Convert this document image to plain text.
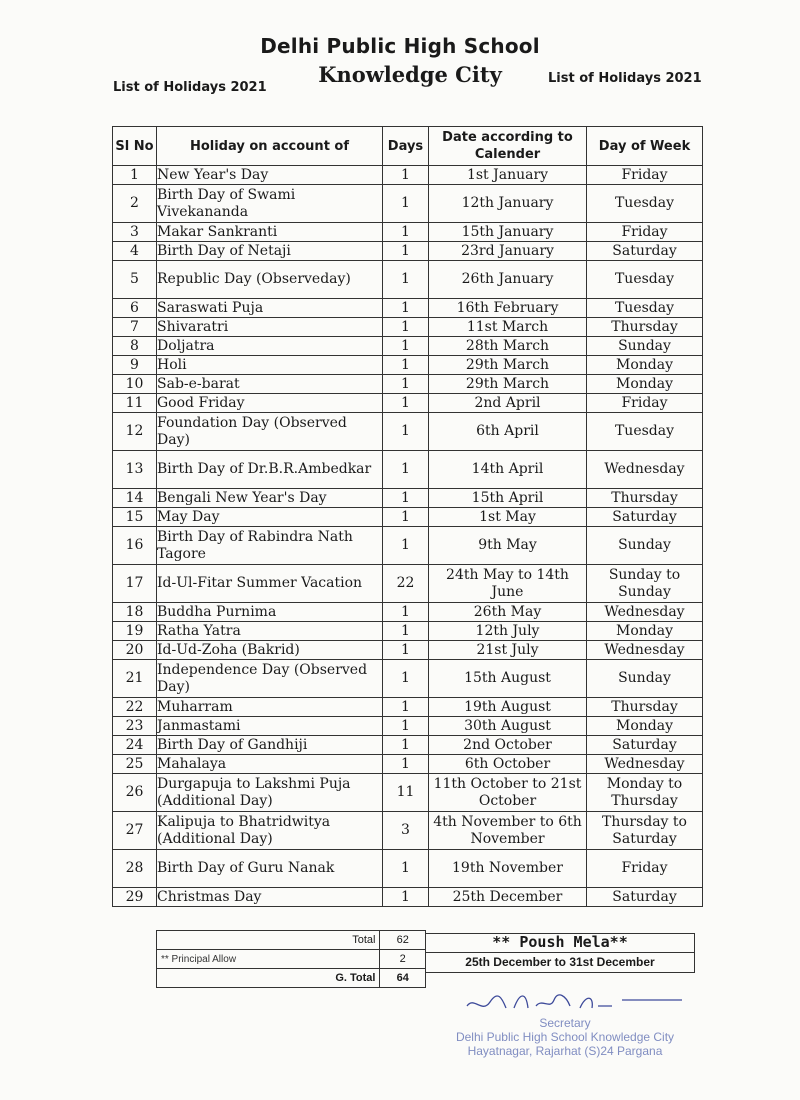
Delhi Public High School
Knowledge City
List of Holidays 2021
List of Holidays 2021
Sl No	Holiday on account of	Days	Date according to Calender	Day of Week
1	New Year's Day	1	1st January	Friday
2	Birth Day of Swami Vivekananda	1	12th January	Tuesday
3	Makar Sankranti	1	15th January	Friday
4	Birth Day of Netaji	1	23rd January	Saturday
5	Republic Day (Observeday)	1	26th January	Tuesday
6	Saraswati Puja	1	16th February	Tuesday
7	Shivaratri	1	11st March	Thursday
8	Doljatra	1	28th March	Sunday
9	Holi	1	29th March	Monday
10	Sab-e-barat	1	29th March	Monday
11	Good Friday	1	2nd April	Friday
12	Foundation Day (Observed Day)	1	6th April	Tuesday
13	Birth Day of Dr.B.R.Ambedkar	1	14th April	Wednesday
14	Bengali New Year's Day	1	15th April	Thursday
15	May Day	1	1st May	Saturday
16	Birth Day of Rabindra Nath Tagore	1	9th May	Sunday
17	Id-Ul-Fitar Summer Vacation	22	24th May to 14th June	Sunday to Sunday
18	Buddha Purnima	1	26th May	Wednesday
19	Ratha Yatra	1	12th July	Monday
20	Id-Ud-Zoha (Bakrid)	1	21st July	Wednesday
21	Independence Day (Observed Day)	1	15th August	Sunday
22	Muharram	1	19th August	Thursday
23	Janmastami	1	30th August	Monday
24	Birth Day of Gandhiji	1	2nd October	Saturday
25	Mahalaya	1	6th October	Wednesday
26	Durgapuja to Lakshmi Puja (Additional Day)	11	11th October to 21st October	Monday to Thursday
27	Kalipuja to Bhatridwitya (Additional Day)	3	4th November to 6th November	Thursday to Saturday
28	Birth Day of Guru Nanak	1	19th November	Friday
29	Christmas Day	1	25th December	Saturday
Total	62
** Principal Allow	2
G. Total	64
** Poush Mela**
25th December to 31st December
Secretary
Delhi Public High School Knowledge City
Hayatnagar, Rajarhat (S)24 Pargana
